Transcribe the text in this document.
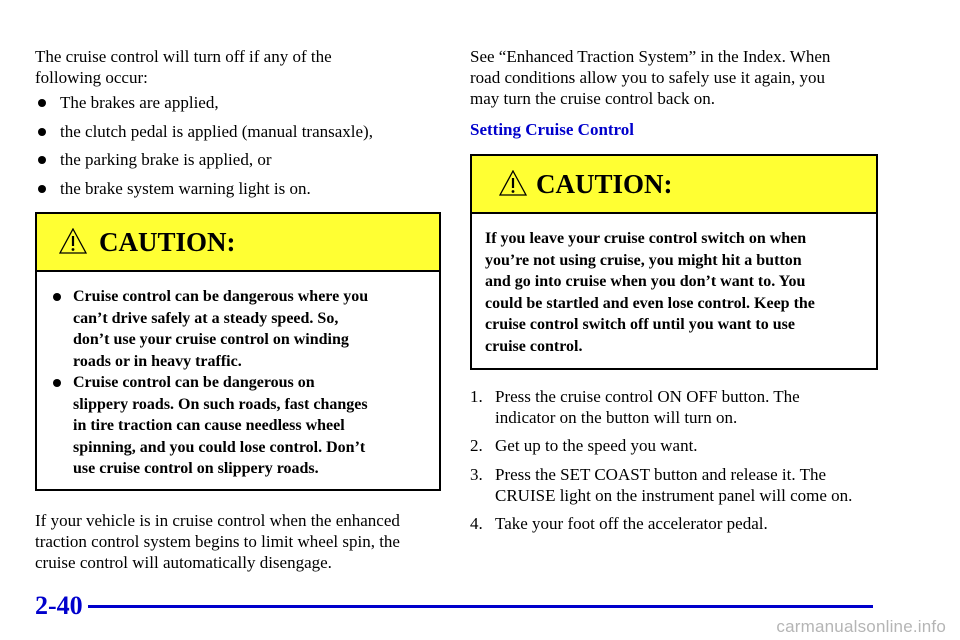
The cruise control will turn off if any of the
following occur:

The brakes are applied,
the clutch pedal is applied (manual transaxle),
the parking brake is applied, or
the brake system warning light is on.
CAUTION:
Cruise control can be dangerous where you
can’t drive safely at a steady speed. So,
don’t use your cruise control on winding
roads or in heavy traffic.
Cruise control can be dangerous on
slippery roads. On such roads, fast changes
in tire traction can cause needless wheel
spinning, and you could lose control. Don’t
use cruise control on slippery roads.

If your vehicle is in cruise control when the enhanced
traction control system begins to limit wheel spin, the
cruise control will automatically disengage.

See “Enhanced Traction System” in the Index. When
road conditions allow you to safely use it again, you
may turn the cruise control back on.

Setting Cruise Control
CAUTION:

If you leave your cruise control switch on when
you’re not using cruise, you might hit a button
and go into cruise when you don’t want to. You
could be startled and even lose control. Keep the
cruise control switch off until you want to use
cruise control.

1. Press the cruise control ON OFF button. The
indicator on the button will turn on.
2. Get up to the speed you want.
3. Press the SET COAST button and release it. The
CRUISE light on the instrument panel will come on.
4. Take your foot off the accelerator pedal.
2-40
carmanualsonline.info
